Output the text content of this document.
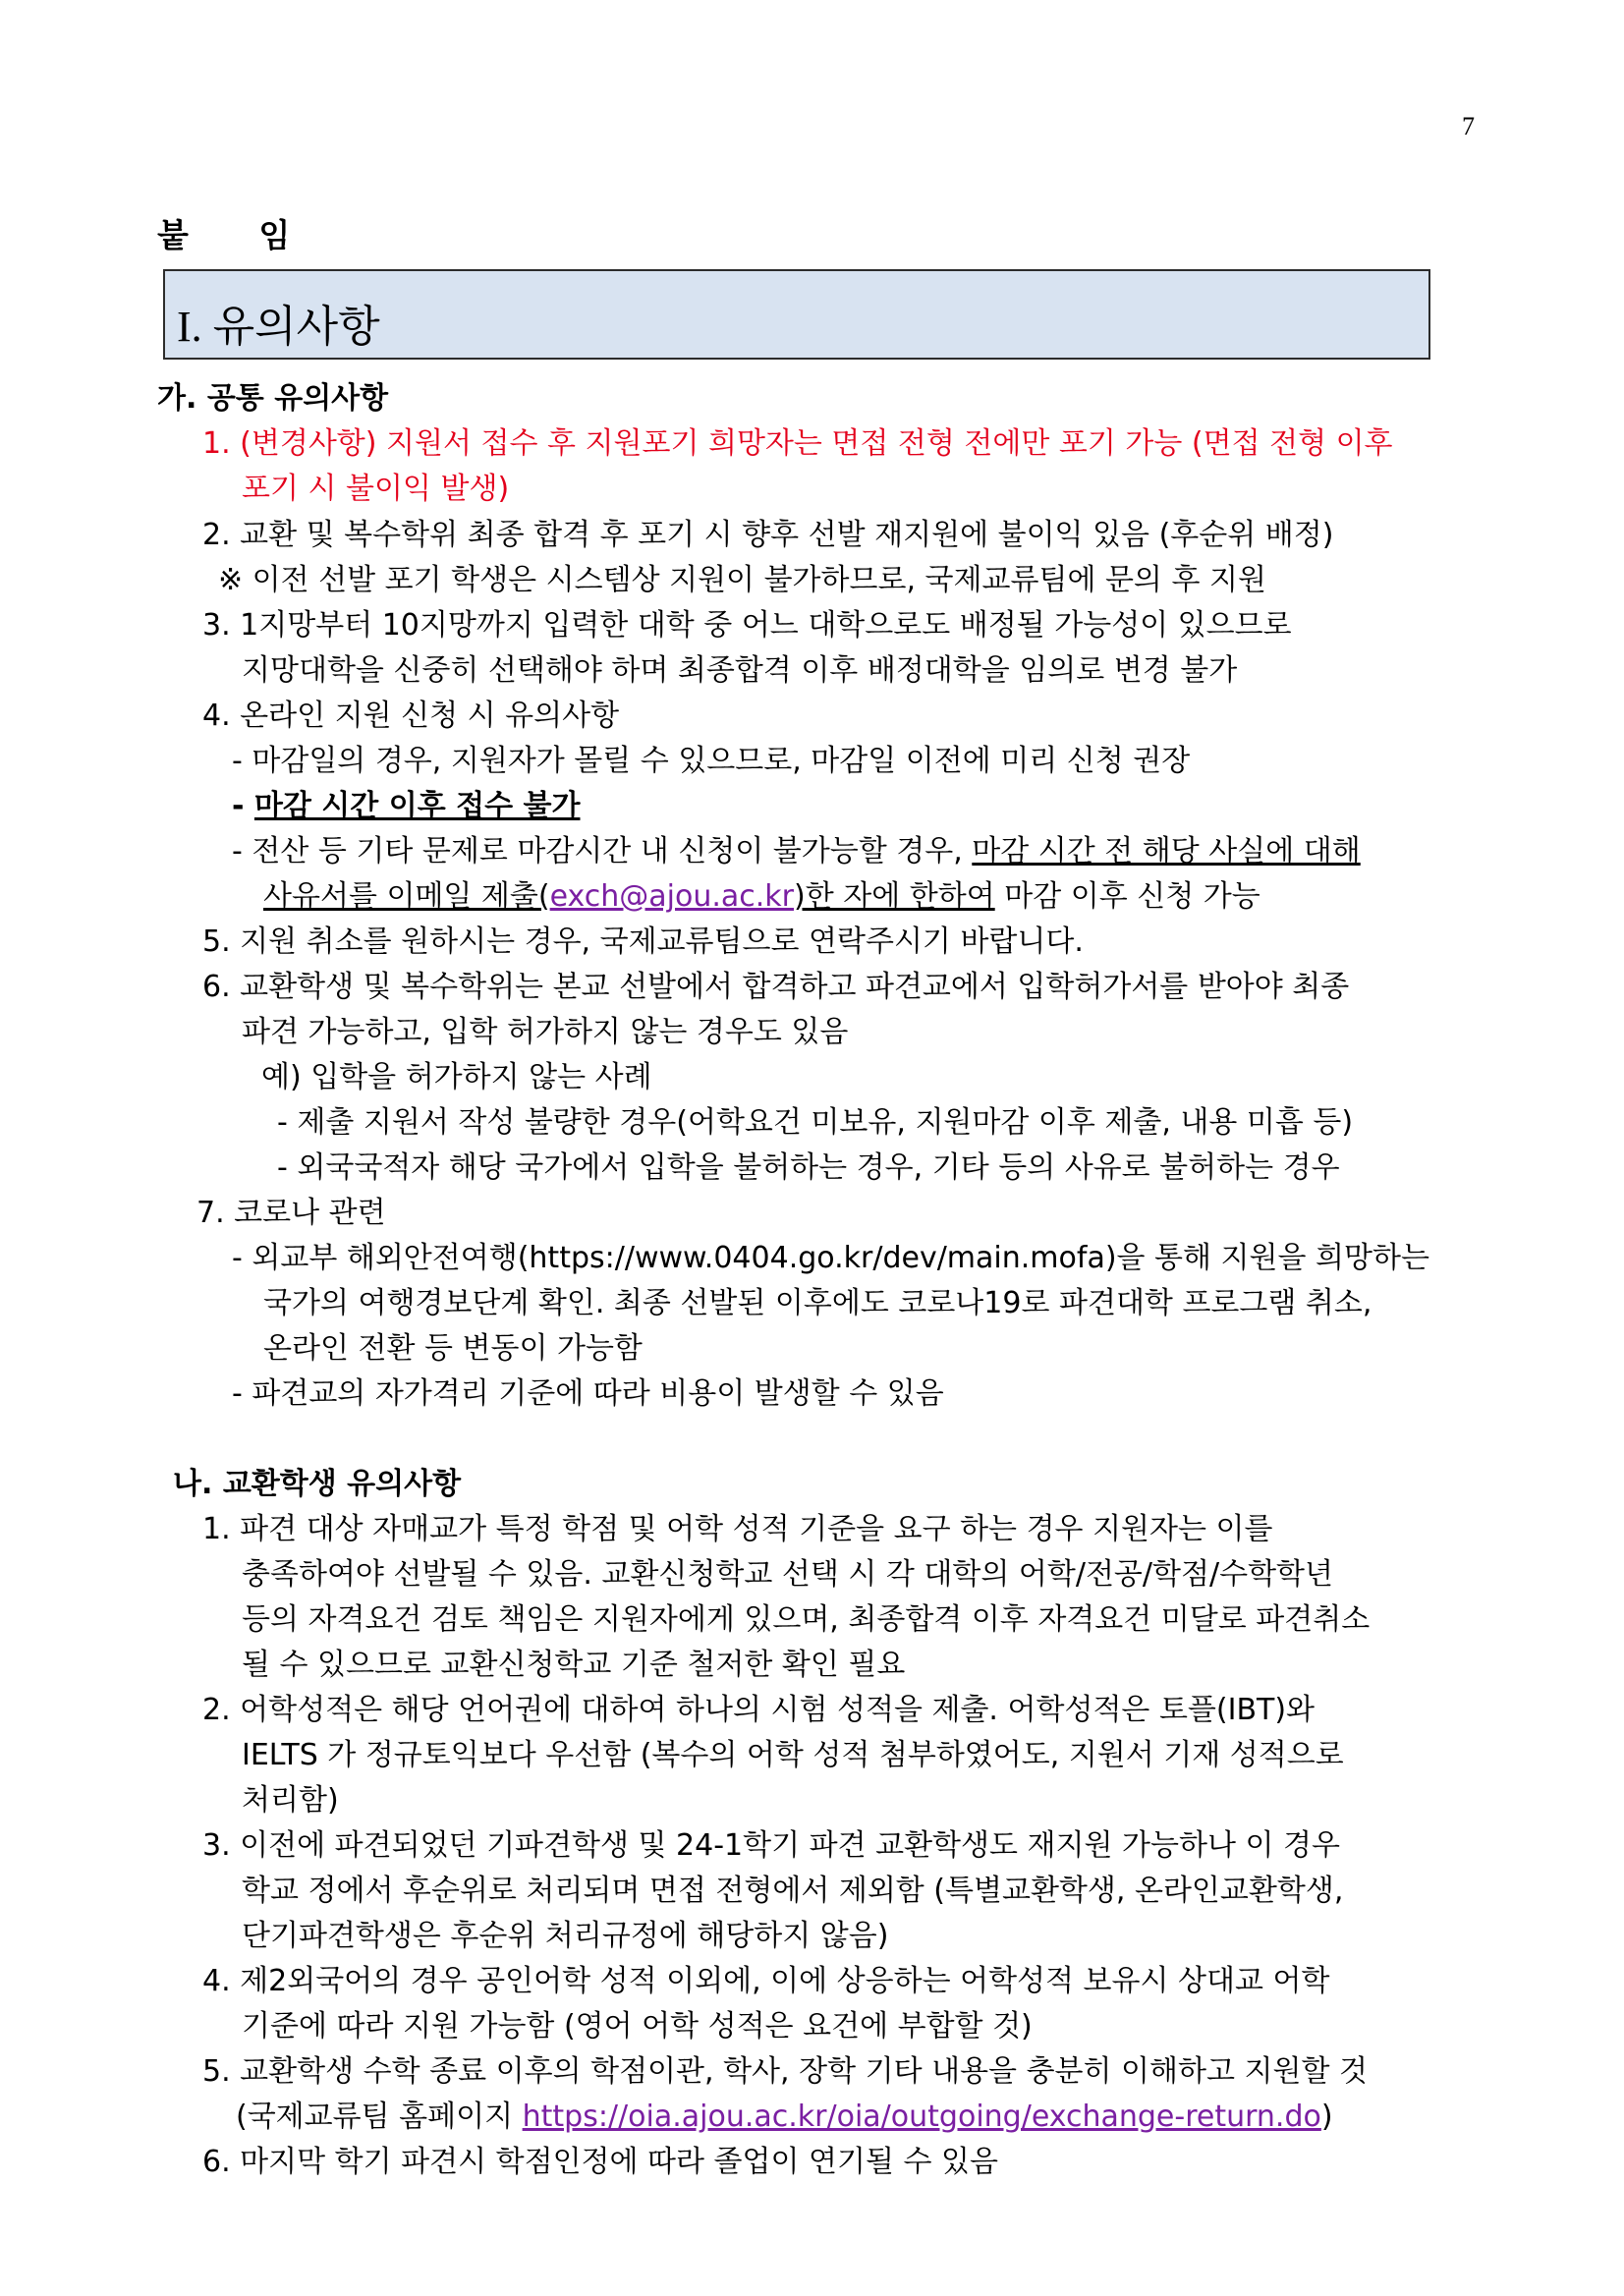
7
붙 임
I. 유의사항
가. 공통 유의사항
1. (변경사항) 지원서 접수 후 지원포기 희망자는 면접 전형 전에만 포기 가능 (면접 전형 이후
포기 시 불이익 발생)
2. 교환 및 복수학위 최종 합격 후 포기 시 향후 선발 재지원에 불이익 있음 (후순위 배정)
※ 이전 선발 포기 학생은 시스템상 지원이 불가하므로, 국제교류팀에 문의 후 지원
3. 1지망부터 10지망까지 입력한 대학 중 어느 대학으로도 배정될 가능성이 있으므로
지망대학을 신중히 선택해야 하며 최종합격 이후 배정대학을 임의로 변경 불가
4. 온라인 지원 신청 시 유의사항
- 마감일의 경우, 지원자가 몰릴 수 있으므로, 마감일 이전에 미리 신청 권장
- 마감 시간 이후 접수 불가
- 전산 등 기타 문제로 마감시간 내 신청이 불가능할 경우, 마감 시간 전 해당 사실에 대해
사유서를 이메일 제출(exch@ajou.ac.kr)한 자에 한하여 마감 이후 신청 가능
5. 지원 취소를 원하시는 경우, 국제교류팀으로 연락주시기 바랍니다.
6. 교환학생 및 복수학위는 본교 선발에서 합격하고 파견교에서 입학허가서를 받아야 최종
파견 가능하고, 입학 허가하지 않는 경우도 있음
예) 입학을 허가하지 않는 사례
- 제출 지원서 작성 불량한 경우(어학요건 미보유, 지원마감 이후 제출, 내용 미흡 등)
- 외국국적자 해당 국가에서 입학을 불허하는 경우, 기타 등의 사유로 불허하는 경우
7. 코로나 관련
- 외교부 해외안전여행(https://www.0404.go.kr/dev/main.mofa)을 통해 지원을 희망하는
국가의 여행경보단계 확인. 최종 선발된 이후에도 코로나19로 파견대학 프로그램 취소,
온라인 전환 등 변동이 가능함
- 파견교의 자가격리 기준에 따라 비용이 발생할 수 있음
나. 교환학생 유의사항
1. 파견 대상 자매교가 특정 학점 및 어학 성적 기준을 요구 하는 경우 지원자는 이를
충족하여야 선발될 수 있음. 교환신청학교 선택 시 각 대학의 어학/전공/학점/수학학년
등의 자격요건 검토 책임은 지원자에게 있으며, 최종합격 이후 자격요건 미달로 파견취소
될 수 있으므로 교환신청학교 기준 철저한 확인 필요
2. 어학성적은 해당 언어권에 대하여 하나의 시험 성적을 제출. 어학성적은 토플(IBT)와
IELTS 가 정규토익보다 우선함 (복수의 어학 성적 첨부하였어도, 지원서 기재 성적으로
처리함)
3. 이전에 파견되었던 기파견학생 및 24-1학기 파견 교환학생도 재지원 가능하나 이 경우
학교 정에서 후순위로 처리되며 면접 전형에서 제외함 (특별교환학생, 온라인교환학생,
단기파견학생은 후순위 처리규정에 해당하지 않음)
4. 제2외국어의 경우 공인어학 성적 이외에, 이에 상응하는 어학성적 보유시 상대교 어학
기준에 따라 지원 가능함 (영어 어학 성적은 요건에 부합할 것)
5. 교환학생 수학 종료 이후의 학점이관, 학사, 장학 기타 내용을 충분히 이해하고 지원할 것
(국제교류팀 홈페이지 https://oia.ajou.ac.kr/oia/outgoing/exchange-return.do)
6. 마지막 학기 파견시 학점인정에 따라 졸업이 연기될 수 있음
